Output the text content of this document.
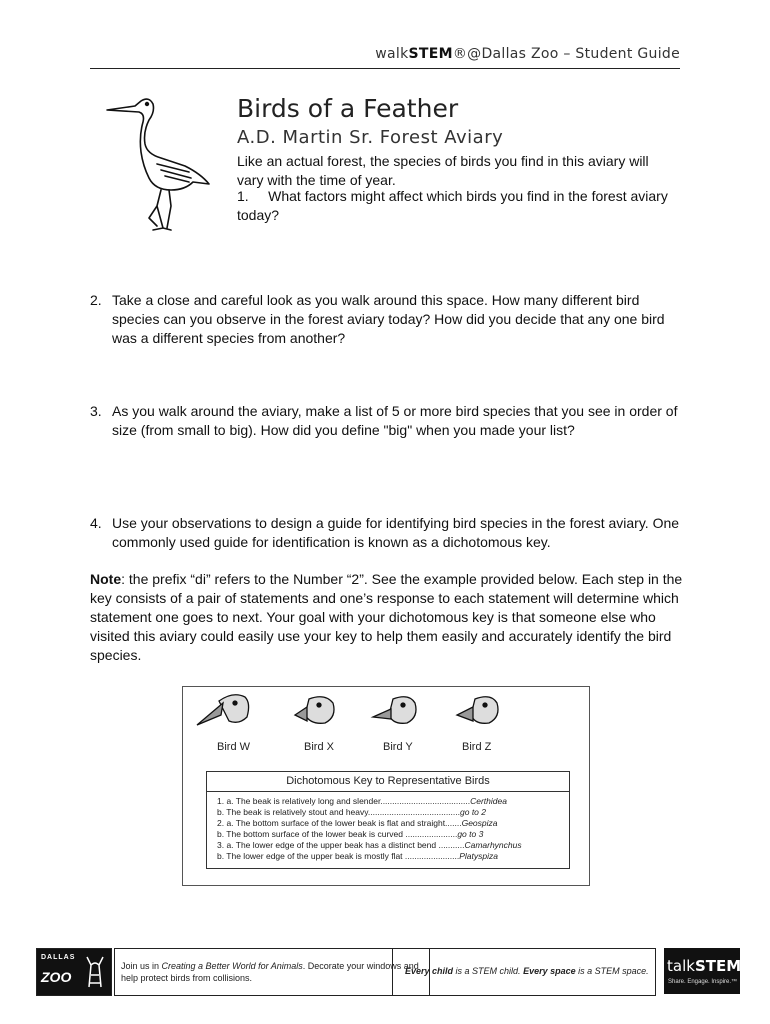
walkSTEM®@Dallas Zoo – Student Guide
Birds of a Feather
A.D. Martin Sr. Forest Aviary
Like an actual forest, the species of birds you find in this aviary will vary with the time of year.
1. What factors might affect which birds you find in the forest aviary today?
2. Take a close and careful look as you walk around this space. How many different bird species can you observe in the forest aviary today? How did you decide that any one bird was a different species from another?
3. As you walk around the aviary, make a list of 5 or more bird species that you see in order of size (from small to big). How did you define "big" when you made your list?
4. Use your observations to design a guide for identifying bird species in the forest aviary. One commonly used guide for identification is known as a dichotomous key.
Note: the prefix “di” refers to the Number “2”. See the example provided below. Each step in the key consists of a pair of statements and one’s response to each statement will determine which statement one goes to next. Your goal with your dichotomous key is that someone else who visited this aviary could easily use your key to help them easily and accurately identify the bird species.
Bird W	Bird X	Bird Y	Bird Z
Dichotomous Key to Representative Birds
1. a. The beak is relatively long and slender......................................Certhidea
b. The beak is relatively stout and heavy.......................................go to 2
2. a. The bottom surface of the lower beak is flat and straight.......Geospiza
b. The bottom surface of the lower beak is curved ......................go to 3
3. a. The lower edge of the upper beak has a distinct bend ...........Camarhynchus
b. The lower edge of the upper beak is mostly flat .......................Platyspiza
DALLAS
ZOO
Join us in Creating a Better World for Animals. Decorate your windows and help protect birds from collisions.
Every child is a STEM child. Every space is a STEM space. talkSTEM
Share. Engage. Inspire.™
